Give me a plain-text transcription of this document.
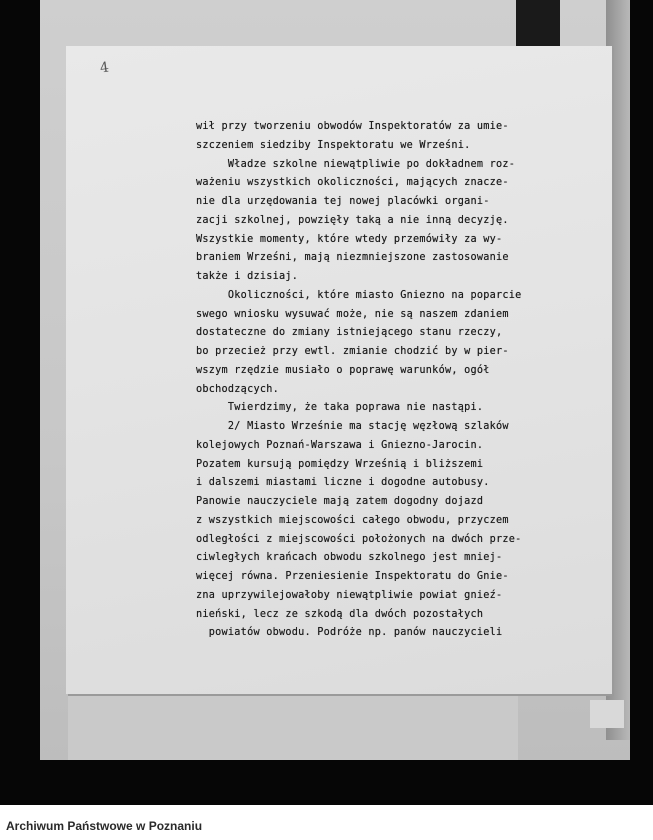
4
wił przy tworzeniu obwodów Inspektoratów za umie-
szczeniem siedziby Inspektoratu we Wrześni.
Władze szkolne niewątpliwie po dokładnem roz-
ważeniu wszystkich okoliczności, mających znacze-
nie dla urzędowania tej nowej placówki organi-
zacji szkolnej, powzięły taką a nie inną decyzję.
Wszystkie momenty, które wtedy przemówiły za wy-
braniem Wrześni, mają niezmniejszone zastosowanie
także i dzisiaj.
Okoliczności, które miasto Gniezno na poparcie
swego wniosku wysuwać może, nie są naszem zdaniem
dostateczne do zmiany istniejącego stanu rzeczy,
bo przecież przy ewtl. zmianie chodzić by w pier-
wszym rzędzie musiało o poprawę warunków, ogół
obchodzących.
Twierdzimy, że taka poprawa nie nastąpi.
2/ Miasto Wrześnie ma stację węzłową szlaków
kolejowych Poznań-Warszawa i Gniezno-Jarocin.
Pozatem kursują pomiędzy Wrześnią i bliższemi
i dalszemi miastami liczne i dogodne autobusy.
Panowie nauczyciele mają zatem dogodny dojazd
z wszystkich miejscowości całego obwodu, przyczem
odległości z miejscowości położonych na dwóch prze-
ciwległych krańcach obwodu szkolnego jest mniej-
więcej równa. Przeniesienie Inspektoratu do Gnie-
zna uprzywilejowałoby niewątpliwie powiat gnieź-
nieński, lecz ze szkodą dla dwóch pozostałych
powiatów obwodu. Podróże np. panów nauczycieli
Archiwum Państwowe w Poznaniu
